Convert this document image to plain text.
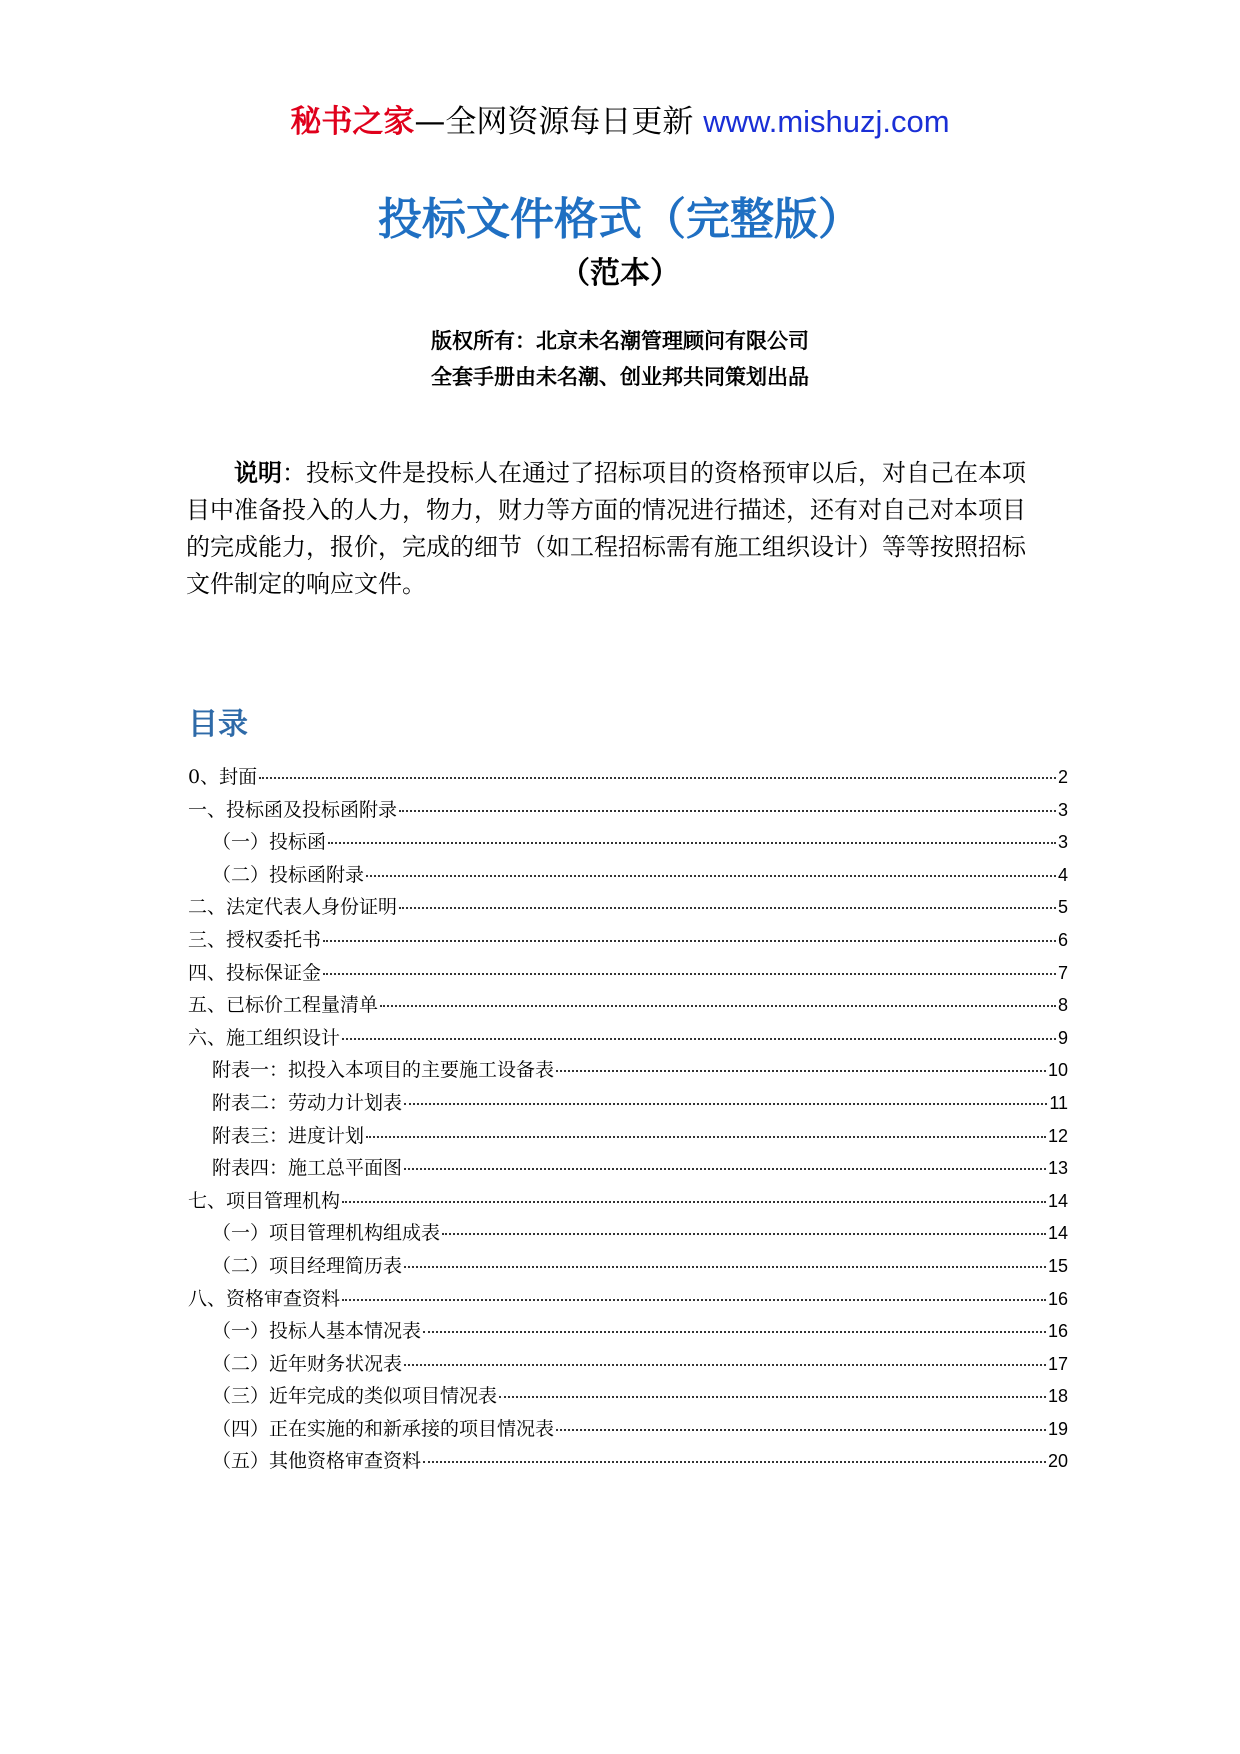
秘书之家—全网资源每日更新 www.mishuzj.com
投标文件格式（完整版）
（范本）
版权所有：北京未名潮管理顾问有限公司
全套手册由未名潮、创业邦共同策划出品
说明：投标文件是投标人在通过了招标项目的资格预审以后，对自己在本项目中准备投入的人力，物力，财力等方面的情况进行描述，还有对自己对本项目的完成能力，报价，完成的细节（如工程招标需有施工组织设计）等等按照招标文件制定的响应文件。
目录
0、封面	2
一、投标函及投标函附录	3
（一）投标函	3
（二）投标函附录	4
二、法定代表人身份证明	5
三、授权委托书	6
四、投标保证金	7
五、已标价工程量清单	8
六、施工组织设计	9
附表一：拟投入本项目的主要施工设备表	10
附表二：劳动力计划表	11
附表三：进度计划	12
附表四：施工总平面图	13
七、项目管理机构	14
（一）项目管理机构组成表	14
（二）项目经理简历表	15
八、资格审查资料	16
（一）投标人基本情况表	16
（二）近年财务状况表	17
（三）近年完成的类似项目情况表	18
（四）正在实施的和新承接的项目情况表	19
（五）其他资格审查资料	20
